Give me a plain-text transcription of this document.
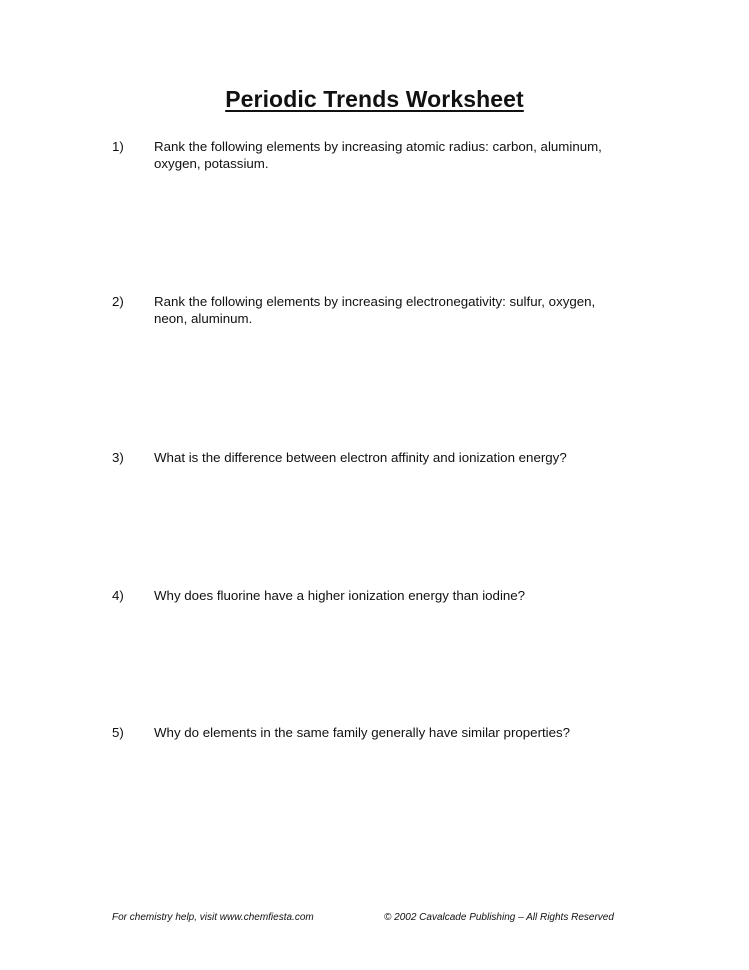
Periodic Trends Worksheet
1) Rank the following elements by increasing atomic radius: carbon, aluminum, oxygen, potassium.
2) Rank the following elements by increasing electronegativity: sulfur, oxygen, neon, aluminum.
3) What is the difference between electron affinity and ionization energy?
4) Why does fluorine have a higher ionization energy than iodine?
5) Why do elements in the same family generally have similar properties?
For chemistry help, visit www.chemfiesta.com	© 2002 Cavalcade Publishing – All Rights Reserved
